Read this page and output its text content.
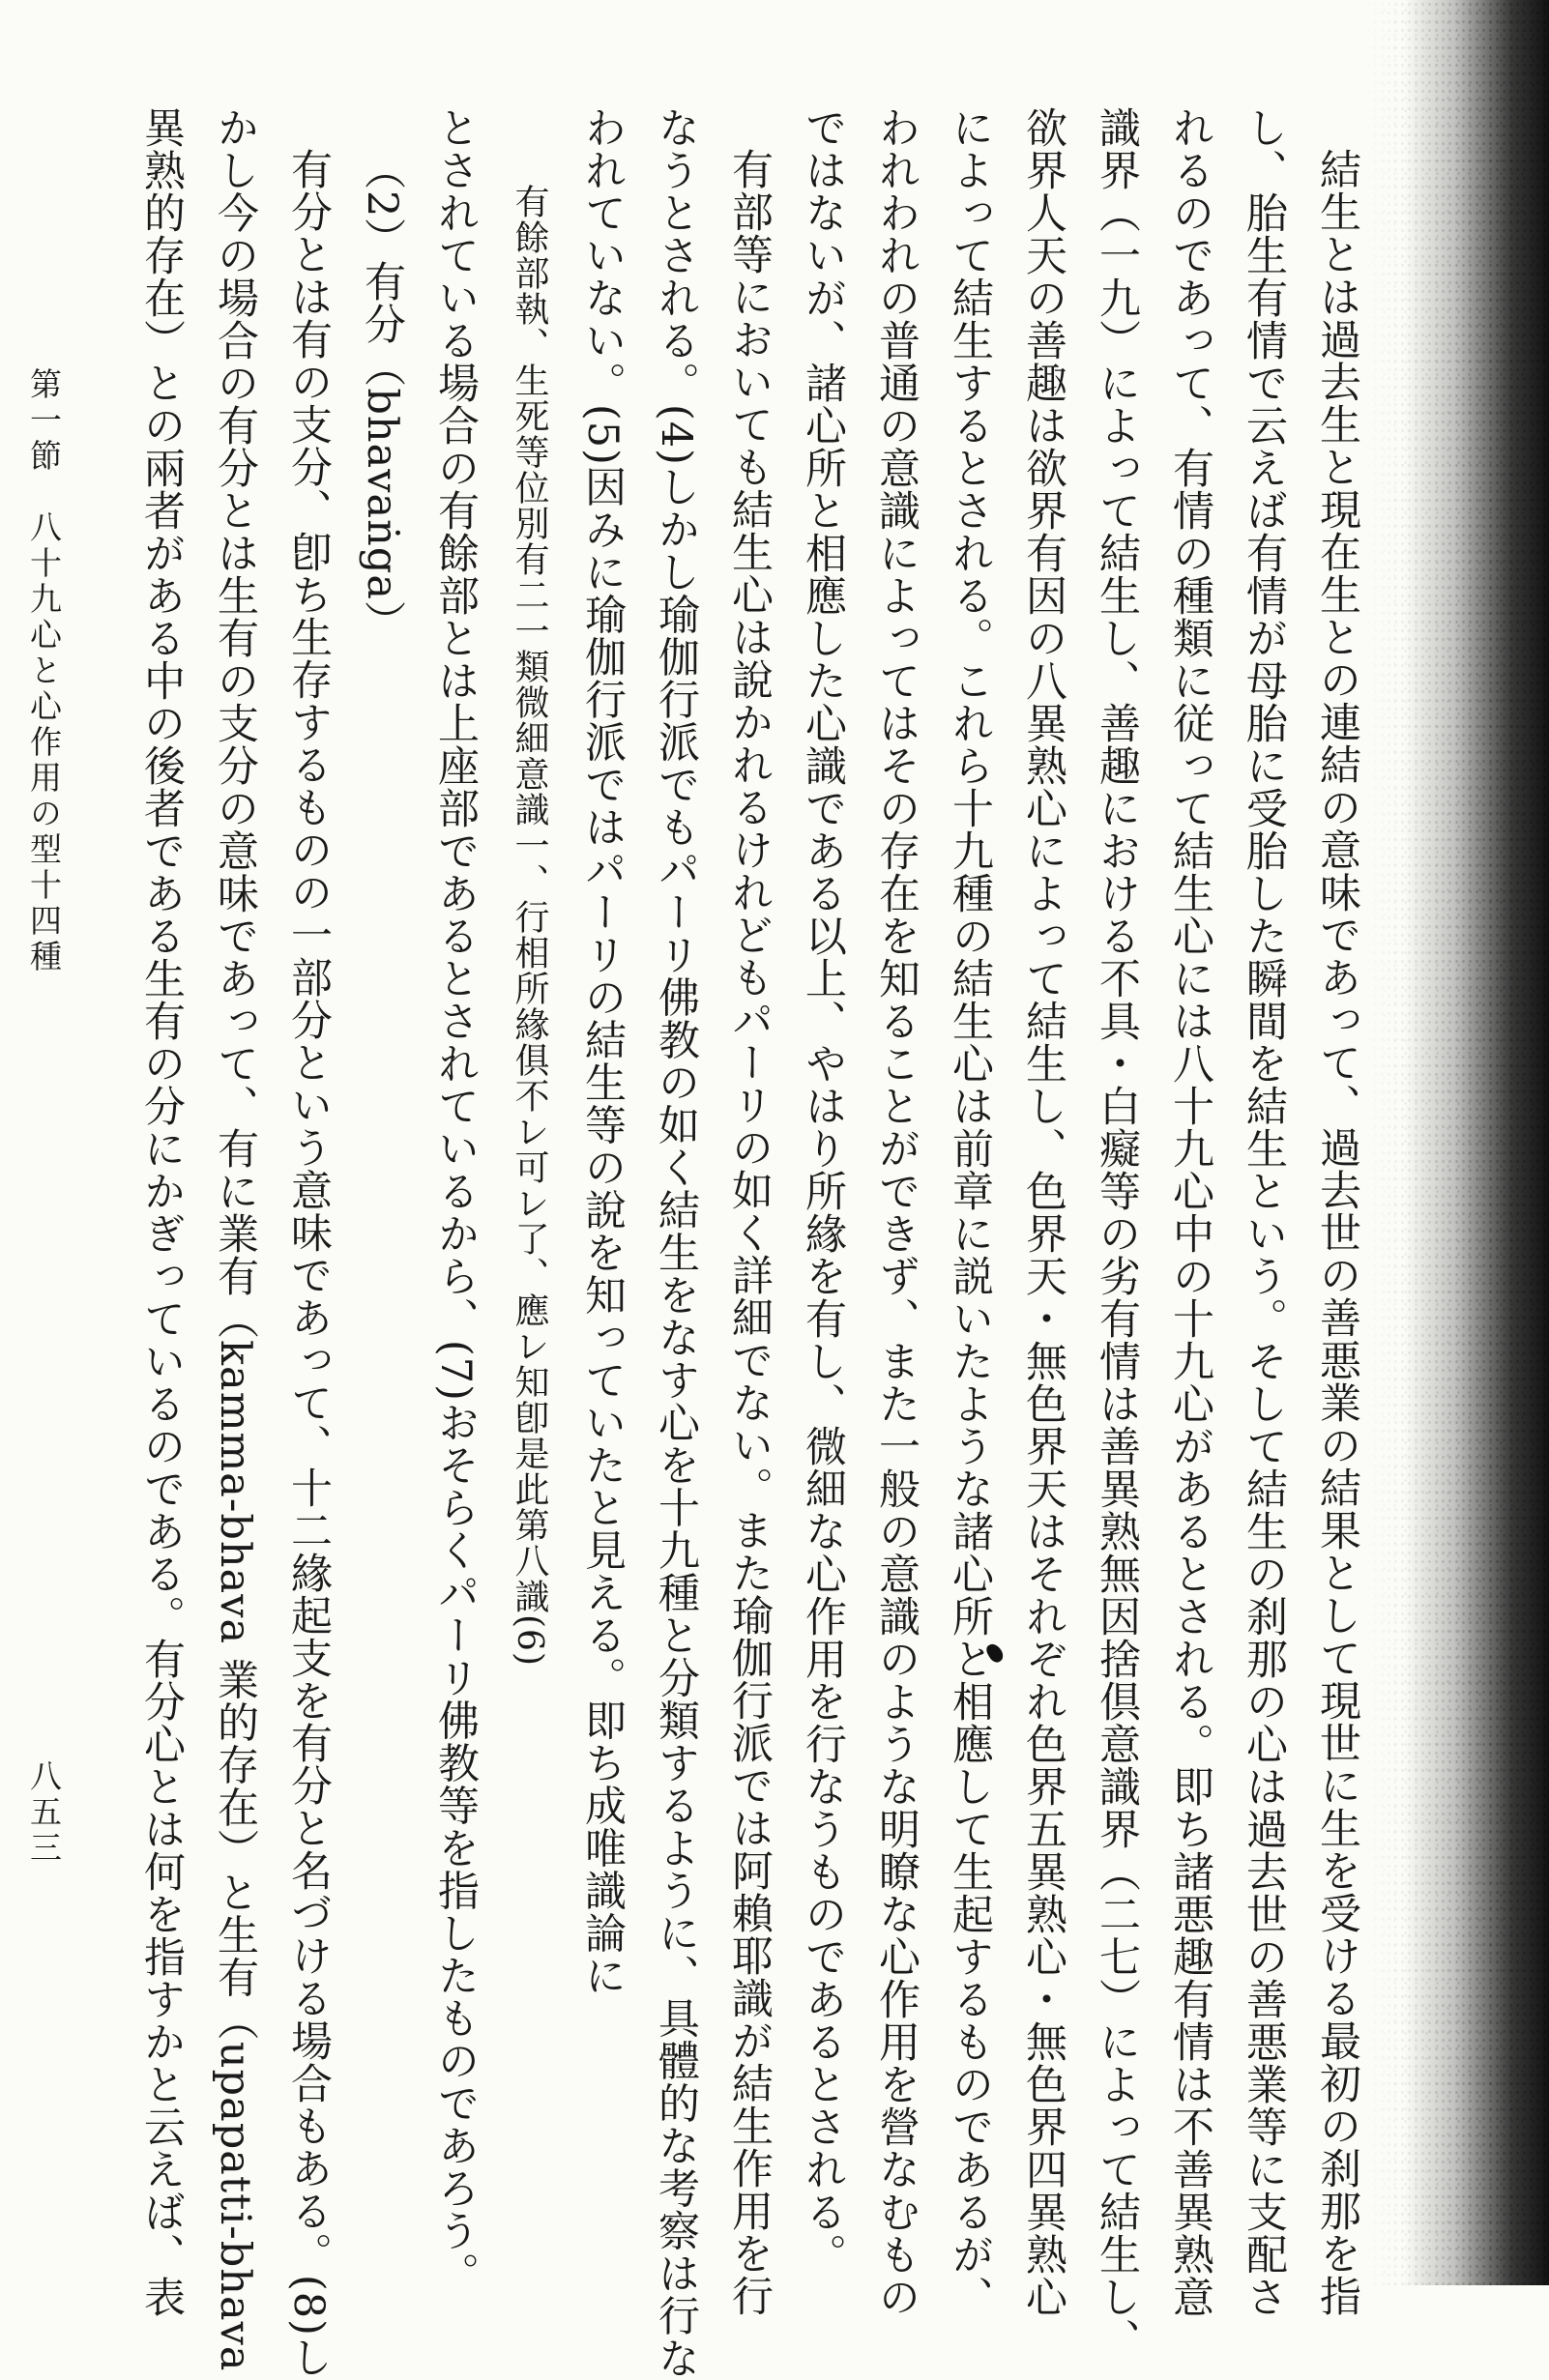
結生とは過去生と現在生との連結の意味であって、過去世の善悪業の結果として現世に生を受ける最初の刹那を指
し、胎生有情で云えば有情が母胎に受胎した瞬間を結生という。そして結生の刹那の心は過去世の善悪業等に支配さ
れるのであって、有情の種類に従って結生心には八十九心中の十九心があるとされる。即ち諸悪趣有情は不善異熟意
識界（一九）によって結生し、善趣における不具・白癡等の劣有情は善異熟無因捨倶意識界（二七）によって結生し、
欲界人天の善趣は欲界有因の八異熟心によって結生し、色界天・無色界天はそれぞれ色界五異熟心・無色界四異熟心
によって結生するとされる。これら十九種の結生心は前章に説いたような諸心所と相應して生起するものであるが、
われわれの普通の意識によってはその存在を知ることができず、また一般の意識のような明瞭な心作用を營なむもの
ではないが、諸心所と相應した心識である以上、やはり所緣を有し、微細な心作用を行なうものであるとされる。
有部等においても結生心は說かれるけれどもパーリの如く詳細でない。また瑜伽行派では阿賴耶識が結生作用を行
なうとされる。(4)しかし瑜伽行派でもパーリ佛教の如く結生をなす心を十九種と分類するように、具體的な考察は行な
われていない。(5)因みに瑜伽行派ではパーリの結生等の說を知っていたと見える。即ち成唯識論に
有餘部執、生死等位別有二一類微細意識一、行相所緣俱不レ可レ了、應レ知卽是此第八識(6)
とされている場合の有餘部とは上座部であるとされているから、(7)おそらくパーリ佛教等を指したものであろう。
（2）有分（bhavaṅga）
有分とは有の支分、卽ち生存するものの一部分という意味であって、十二緣起支を有分と名づける場合もある。(8)し
かし今の場合の有分とは生有の支分の意味であって、有に業有（kamma-bhava 業的存在）と生有（upapatti-bhava
異熟的存在）との兩者がある中の後者である生有の分にかぎっているのである。有分心とは何を指すかと云えば、表
第一節　八十九心と心作用の型十四種
八五三
